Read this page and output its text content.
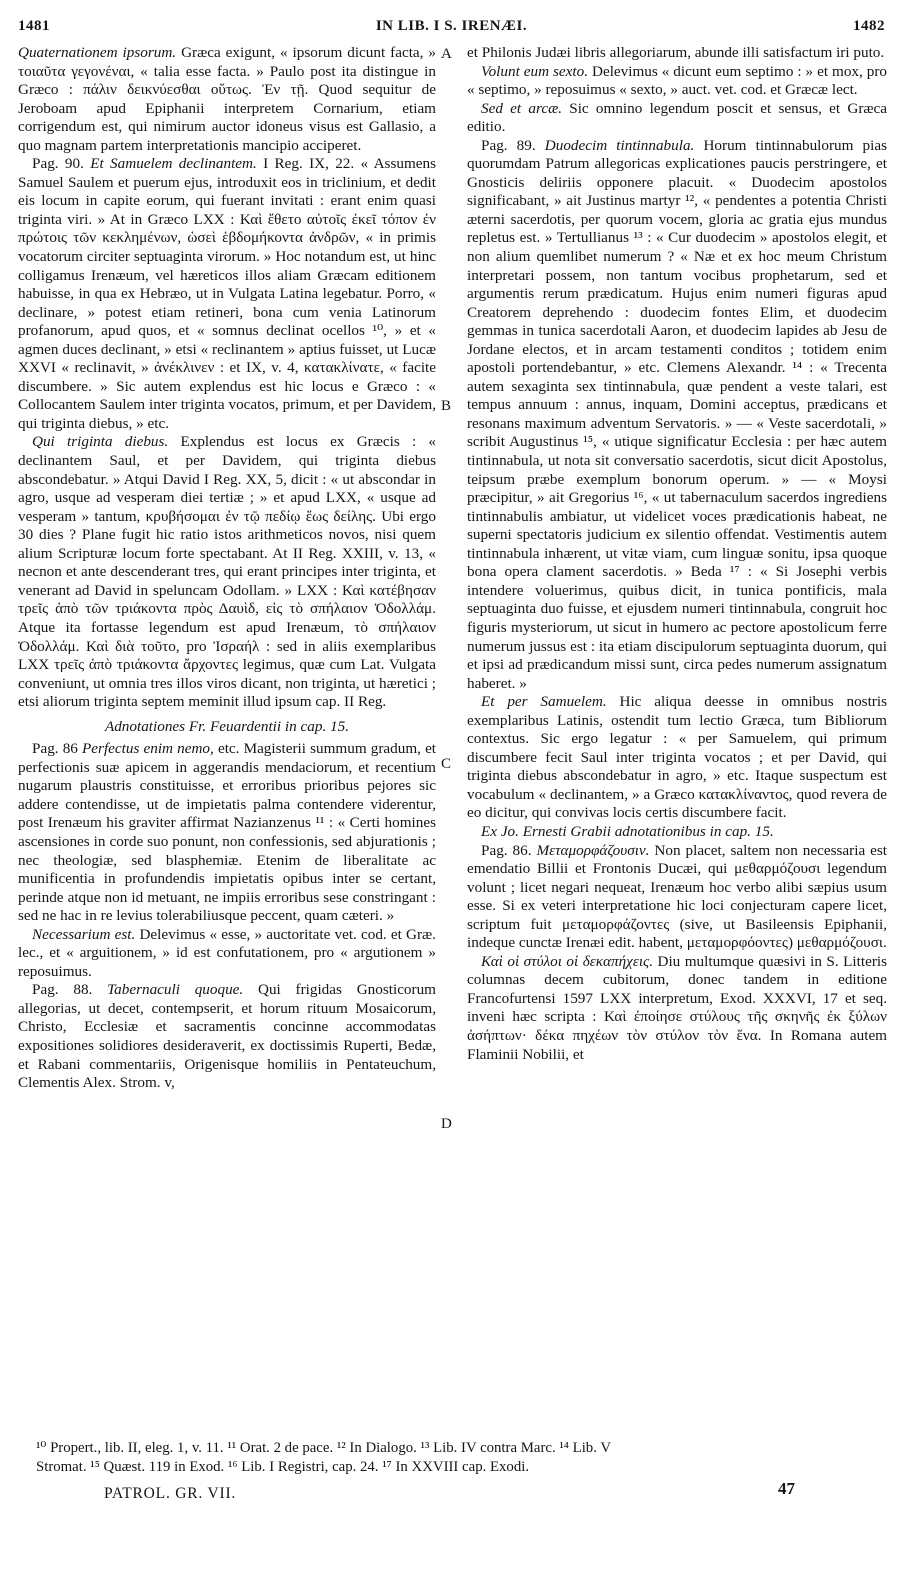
1481	IN LIB. I S. IRENÆI.	1482

Quaternationem ipsorum. Græca exigunt, « ipsorum dicunt facta, » τοιαῦτα γεγονέναι, « talia esse facta. » Paulo post ita distingue in Græco : πάλιν δεικνύεσθαι οὕτως. Ἐν τῇ. Quod sequitur de Jeroboam apud Epiphanii interpretem Cornarium, etiam corrigendum est, qui nimirum auctor idoneus visus est Gallasio, a quo magnam partem interpretationis mancipio acciperet.

Pag. 90. Et Samuelem declinantem. I Reg. IX, 22. « Assumens Samuel Saulem et puerum ejus, introduxit eos in triclinium, et dedit eis locum in capite eorum, qui fuerant invitati : erant enim quasi triginta viri. » At in Græco LXX : Καὶ ἔθετο αὐτοῖς ἐκεῖ τόπον ἐν πρώτοις τῶν κεκλημένων, ὡσεὶ ἑβδομήκοντα ἀνδρῶν, « in primis vocatorum circiter septuaginta virorum. » Hoc notandum est, ut hinc colligamus Irenæum, vel hæreticos illos aliam Græcam editionem habuisse, in qua ex Hebræo, ut in Vulgata Latina legebatur. Porro, « declinare, » potest etiam retineri, bona cum venia Latinorum profanorum, apud quos, et « somnus declinat ocellos ¹⁰, » et « agmen duces declinant, » etsi « reclinantem » aptius fuisset, ut Lucæ XXVI « reclinavit, » ἀνέκλινεν : et IX, v. 4, κατακλίνατε, « facite discumbere. » Sic autem explendus est hic locus e Græco : « Collocantem Saulem inter triginta vocatos, primum, et per Davidem, qui triginta diebus, » etc.

Qui triginta diebus. Explendus est locus ex Græcis : « declinantem Saul, et per Davidem, qui triginta diebus abscondebatur. » Atqui David I Reg. XX, 5, dicit : « ut abscondar in agro, usque ad vesperam diei tertiæ ; » et apud LXX, « usque ad vesperam » tantum, κρυβήσομαι ἐν τῷ πεδίῳ ἕως δείλης. Ubi ergo 30 dies ? Plane fugit hic ratio istos arithmeticos novos, nisi quem alium Scripturæ locum forte spectabant. At II Reg. XXIII, v. 13, « necnon et ante descenderant tres, qui erant principes inter triginta, et venerant ad David in speluncam Odollam. » LXX : Καὶ κατέβησαν τρεῖς ἀπὸ τῶν τριάκοντα πρὸς Δαυὶδ, εἰς τὸ σπήλαιον Ὀδολλάμ. Atque ita fortasse legendum est apud Irenæum, τὸ σπήλαιον Ὀδολλάμ. Καὶ διὰ τοῦτο, pro Ἰσραήλ : sed in aliis exemplaribus LXX τρεῖς ἀπὸ τριάκοντα ἄρχοντες legimus, quæ cum Lat. Vulgata conveniunt, ut omnia tres illos viros dicant, non triginta, ut hæretici ; etsi aliorum triginta septem meminit illud ipsum cap. II Reg.

Adnotationes Fr. Feuardentii in cap. 15.

Pag. 86 Perfectus enim nemo, etc. Magisterii summum gradum, et perfectionis suæ apicem in aggerandis mendaciorum, et recentium nugarum plaustris constituisse, et erroribus prioribus pejores sic addere contendisse, ut de impietatis palma contendere viderentur, post Irenæum his graviter affirmat Nazianzenus ¹¹ : « Certi homines ascensiones in corde suo ponunt, non confessionis, sed abjurationis ; nec theologiæ, sed blasphemiæ. Etenim de liberalitate ac munificentia in profundendis impietatis opibus inter se certant, perinde atque non id metuant, ne impiis erroribus sese constringant : sed ne hac in re levius tolerabiliusque peccent, quam cæteri. »

Necessarium est. Delevimus « esse, » auctoritate vet. cod. et Græ. lec., et « arguitionem, » id est confutationem, pro « argutionem » reposuimus.

Pag. 88. Tabernaculi quoque. Qui frigidas Gnosticorum allegorias, ut decet, contempserit, et horum rituum Mosaicorum, Christo, Ecclesiæ et sacramentis concinne accommodatas expositiones solidiores desideraverit, ex doctissimis Ruperti, Bedæ, et Rabani commentariis, Origenisque homiliis in Pentateuchum, Clementis Alex. Strom. v,

A
B
C
D

et Philonis Judæi libris allegoriarum, abunde illi satisfactum iri puto.

Volunt eum sexto. Delevimus « dicunt eum septimo : » et mox, pro « septimo, » reposuimus « sexto, » auct. vet. cod. et Græcæ lect.

Sed et arcæ. Sic omnino legendum poscit et sensus, et Græca editio.

Pag. 89. Duodecim tintinnabula. Horum tintinnabulorum pias quorumdam Patrum allegoricas explicationes paucis perstringere, et Gnosticis deliriis opponere placuit. « Duodecim apostolos significabant, » ait Justinus martyr ¹², « pendentes a potentia Christi æterni sacerdotis, per quorum vocem, gloria ac gratia ejus mundus repletus est. » Tertullianus ¹³ : « Cur duodecim » apostolos elegit, et non alium quemlibet numerum ? « Næ et ex hoc meum Christum interpretari possem, non tantum vocibus prophetarum, sed et argumentis rerum prædicatum. Hujus enim numeri figuras apud Creatorem deprehendo : duodecim fontes Elim, et duodecim gemmas in tunica sacerdotali Aaron, et duodecim lapides ab Jesu de Jordane electos, et in arcam testamenti conditos ; totidem enim apostoli portendebantur, » etc. Clemens Alexandr. ¹⁴ : « Trecenta autem sexaginta sex tintinnabula, quæ pendent a veste talari, est tempus annuum : annus, inquam, Domini acceptus, prædicans et resonans maximum adventum Servatoris. » — « Veste sacerdotali, » scribit Augustinus ¹⁵, « utique significatur Ecclesia : per hæc autem tintinnabula, ut nota sit conversatio sacerdotis, sicut dicit Apostolus, teipsum præbe exemplum bonorum operum. » — « Moysi præcipitur, » ait Gregorius ¹⁶, « ut tabernaculum sacerdos ingrediens tintinnabulis ambiatur, ut videlicet voces prædicationis habeat, ne superni spectatoris judicium ex silentio offendat. Vestimentis autem tintinnabula inhærent, ut vitæ viam, cum linguæ sonitu, ipsa quoque bona opera clament sacerdotis. » Beda ¹⁷ : « Si Josephi verbis intendere voluerimus, quibus dicit, in tunica pontificis, mala septuaginta duo fuisse, et ejusdem numeri tintinnabula, congruit hoc figuris mysteriorum, ut sicut in humero ac pectore apostolicum ferre numerum jussus est : ita etiam discipulorum septuaginta duorum, qui et ipsi ad prædicandum missi sunt, circa pedes numerum assignatum haberet. »

Et per Samuelem. Hic aliqua deesse in omnibus nostris exemplaribus Latinis, ostendit tum lectio Græca, tum Bibliorum contextus. Sic ergo legatur : « per Samuelem, qui primum discumbere fecit Saul inter triginta vocatos ; et per David, qui triginta diebus abscondebatur in agro, » etc. Itaque suspectum est vocabulum « declinantem, » a Græco κατακλίναντος, quod revera de eo dicitur, qui convivas locis certis discumbere facit.

Ex Jo. Ernesti Grabii adnotationibus in cap. 15.

Pag. 86. Μεταμορφάζουσιν. Non placet, saltem non necessaria est emendatio Billii et Frontonis Ducæi, qui μεθαρμόζουσι legendum volunt ; licet negari nequeat, Irenæum hoc verbo alibi sæpius usum esse. Si ex veteri interpretatione hic loci conjecturam capere licet, scriptum fuit μεταμορφάζοντες (sive, ut Basileensis Epiphanii, indeque cunctæ Irenæi edit. habent, μεταμορφόοντες) μεθαρμόζουσι.

Καὶ οἱ στύλοι οἱ δεκαπήχεις. Diu multumque quæsivi in S. Litteris columnas decem cubitorum, donec tandem in editione Francofurtensi 1597 LXX interpretum, Exod. XXXVI, 17 et seq. inveni hæc scripta : Καὶ ἐποίησε στύλους τῆς σκηνῆς ἐκ ξύλων ἀσήπτων· δέκα πηχέων τὸν στύλον τὸν ἕνα. In Romana autem Flaminii Nobilii, et

¹⁰ Propert., lib. II, eleg. 1, v. 11. ¹¹ Orat. 2 de pace. ¹² In Dialogo. ¹³ Lib. IV contra Marc. ¹⁴ Lib. V
Stromat. ¹⁵ Quæst. 119 in Exod. ¹⁶ Lib. I Registri, cap. 24. ¹⁷ In XXVIII cap. Exodi.
PATROL. GR. VII.	47
